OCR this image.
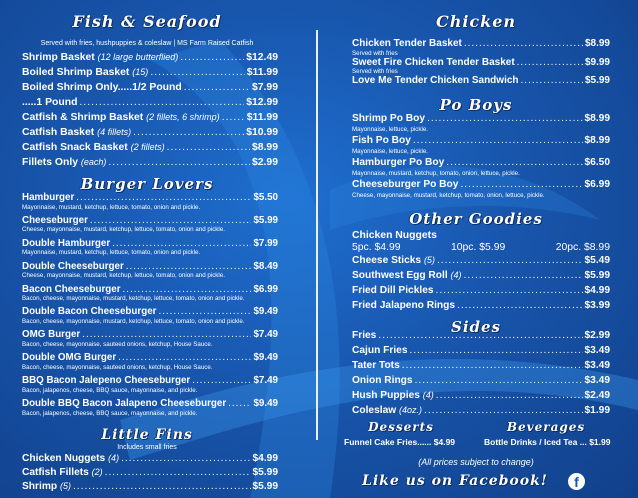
Fish & Seafood
Served with fries, hushpuppies & coleslaw | MS Farm Raised Catfish
Shrimp Basket (12 large butterflied) .....	$12.49
Boiled Shrimp Basket (15) .....	$11.99
Boiled Shrimp Only.....1/2 Pound .....	$7.99
.....1 Pound .....	$12.99
Catfish & Shrimp Basket (2 fillets, 6 shrimp) .....	$11.99
Catfish Basket (4 fillets) .....	$10.99
Catfish Snack Basket (2 fillets) .....	$8.99
Fillets Only (each) .....	$2.99
Burger Lovers
Hamburger .....	$5.50
Mayonnaise, mustard, ketchup, lettuce, tomato, onion and pickle.
Cheeseburger .....	$5.99
Cheese, mayonnaise, mustard, ketchup, lettuce, tomato, onion and pickle.
Double Hamburger .....	$7.99
Mayonnaise, mustard, ketchup, lettuce, tomato, onion and pickle.
Double Cheeseburger .....	$8.49
Cheese, mayonnaise, mustard, ketchup, lettuce, tomato, onion and pickle.
Bacon Cheeseburger .....	$6.99
Bacon, cheese, mayonnaise, mustard, ketchup, lettuce, tomato, onion and pickle.
Double Bacon Cheeseburger .....	$9.49
Bacon, cheese, mayonnaise, mustard, ketchup, lettuce, tomato, onion and pickle.
OMG Burger .....	$7.49
Bacon, cheese, mayonnaise, sauteed onions, ketchup, House Sauce.
Double OMG Burger .....	$9.49
Bacon, cheese, mayonnaise, sauteed onions, ketchup, House Sauce.
BBQ Bacon Jalepeno Cheeseburger .....	$7.49
Bacon, jalapenos, cheese, BBQ sauce, mayonnaise, and pickle.
Double BBQ Bacon Jalapeno Cheeseburger .....	$9.49
Bacon, jalapenos, cheese, BBQ sauce, mayonnaise, and pickle.
Little Fins
Includes small fries
Chicken Nuggets (4) .....	$4.99
Catfish Fillets (2) .....	$5.99
Shrimp (5) .....	$5.99
Chicken
Chicken Tender Basket .....	$8.99
Served with fries
Sweet Fire Chicken Tender Basket .....	$9.99
Served with fries
Love Me Tender Chicken Sandwich .....	$5.99
Po Boys
Shrimp Po Boy .....	$8.99
Mayonnaise, lettuce, pickle.
Fish Po Boy .....	$8.99
Mayonnaise, lettuce, pickle.
Hamburger Po Boy .....	$6.50
Mayonnaise, mustard, ketchup, tomato, onion, lettuce, pickle.
Cheeseburger Po Boy .....	$6.99
Cheese, mayonnaise, mustard, ketchup, tomato, onion, lettuce, pickle.
Other Goodies
Chicken Nuggets
5pc. $4.99	10pc. $5.99	20pc. $8.99
Cheese Sticks (5) .....	$5.49
Southwest Egg Roll (4) .....	$5.99
Fried Dill Pickles .....	$4.99
Fried Jalapeno Rings .....	$3.99
Sides
Fries .....	$2.99
Cajun Fries .....	$3.49
Tater Tots .....	$3.49
Onion Rings .....	$3.49
Hush Puppies (4) .....	$2.49
Coleslaw (4oz.) .....	$1.99
Desserts
Funnel Cake Fries...... $4.99
Beverages
Bottle Drinks / Iced Tea ... $1.99
(All prices subject to change)
Like us on Facebook!	f
